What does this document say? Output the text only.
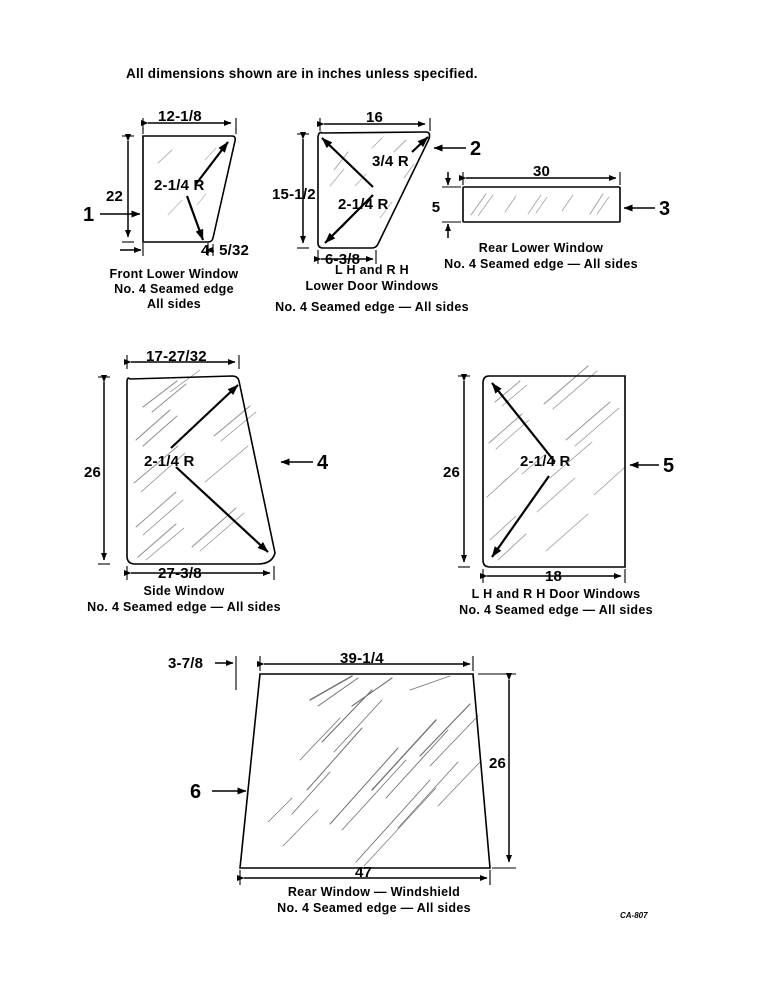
All dimensions shown are in inches unless specified.
2-1/4 R
12-1/8
22
4- 5/32
1
Front Lower Window
No. 4 Seamed edge
All sides
2-1/4 R
3/4 R
16
15-1/2
6-3/8
2
L H and R H
Lower Door Windows
No. 4 Seamed edge — All sides
30
5	3
Rear Lower Window
No. 4 Seamed edge — All sides
2-1/4 R
17-27/32
26
27-3/8
4
Side Window
No. 4 Seamed edge — All sides
2-1/4 R
26
18
5
L H and R H Door Windows
No. 4 Seamed edge — All sides
39-1/4
3-7/8
26
47
6
Rear Window — Windshield
No. 4 Seamed edge — All sides
CA-807
